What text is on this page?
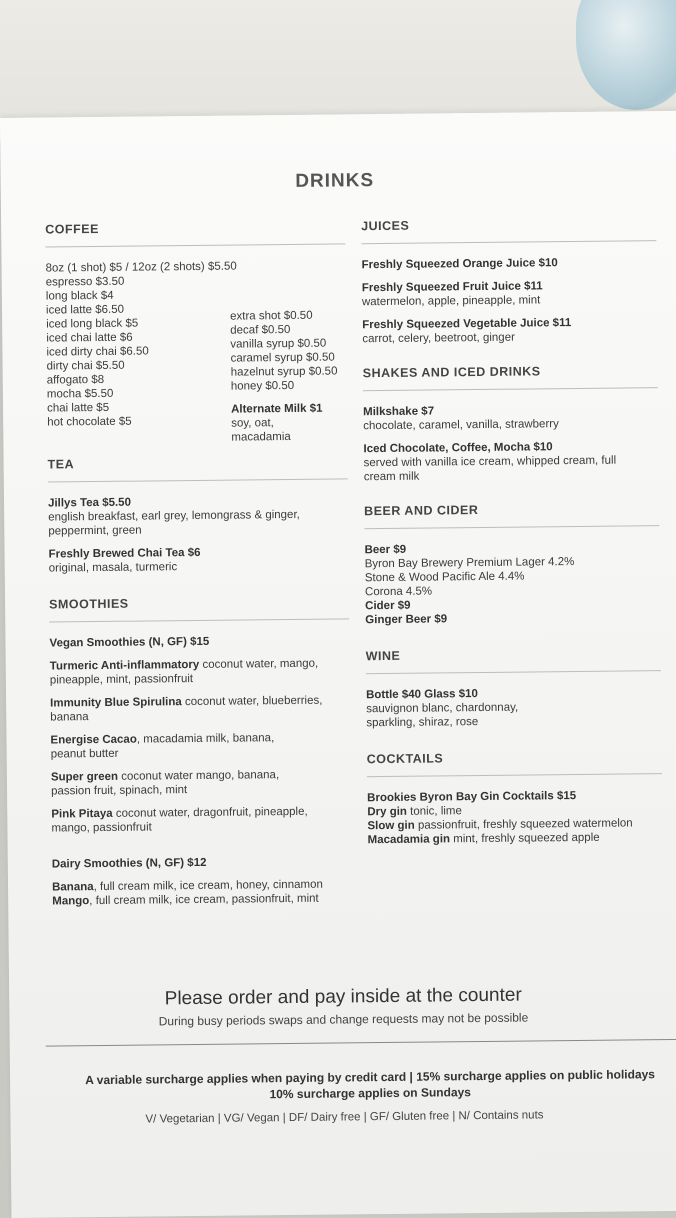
DRINKS
COFFEE
8oz (1 shot) $5 / 12oz (2 shots) $5.50
espresso $3.50
long black $4
iced latte $6.50
iced long black $5
iced chai latte $6
iced dirty chai $6.50
dirty chai $5.50
affogato $8
mocha $5.50
chai latte $5
hot chocolate $5
extra shot $0.50
decaf $0.50
vanilla syrup $0.50
caramel syrup $0.50
hazelnut syrup $0.50
honey $0.50
Alternate Milk $1
soy, oat,
macadamia
TEA
Jillys Tea $5.50
english breakfast, earl grey, lemongrass & ginger,
peppermint, green
Freshly Brewed Chai Tea $6
original, masala, turmeric
SMOOTHIES
Vegan Smoothies (N, GF) $15
Turmeric Anti-inflammatory coconut water, mango,
pineapple, mint, passionfruit
Immunity Blue Spirulina coconut water, blueberries,
banana
Energise Cacao, macadamia milk, banana,
peanut butter
Super green coconut water mango, banana,
passion fruit, spinach, mint
Pink Pitaya coconut water, dragonfruit, pineapple,
mango, passionfruit
Dairy Smoothies (N, GF) $12
Banana, full cream milk, ice cream, honey, cinnamon
Mango, full cream milk, ice cream, passionfruit, mint
JUICES
Freshly Squeezed Orange Juice $10
Freshly Squeezed Fruit Juice $11
watermelon, apple, pineapple, mint
Freshly Squeezed Vegetable Juice $11
carrot, celery, beetroot, ginger
SHAKES AND ICED DRINKS
Milkshake $7
chocolate, caramel, vanilla, strawberry
Iced Chocolate, Coffee, Mocha $10
served with vanilla ice cream, whipped cream, full
cream milk
BEER AND CIDER
Beer $9
Byron Bay Brewery Premium Lager 4.2%
Stone & Wood Pacific Ale 4.4%
Corona 4.5%
Cider $9
Ginger Beer $9
WINE
Bottle $40 Glass $10
sauvignon blanc, chardonnay,
sparkling, shiraz, rose
COCKTAILS
Brookies Byron Bay Gin Cocktails $15
Dry gin tonic, lime
Slow gin passionfruit, freshly squeezed watermelon
Macadamia gin mint, freshly squeezed apple
Please order and pay inside at the counter
During busy periods swaps and change requests may not be possible
A variable surcharge applies when paying by credit card | 15% surcharge applies on public holidays
10% surcharge applies on Sundays
V/ Vegetarian | VG/ Vegan | DF/ Dairy free | GF/ Gluten free | N/ Contains nuts
